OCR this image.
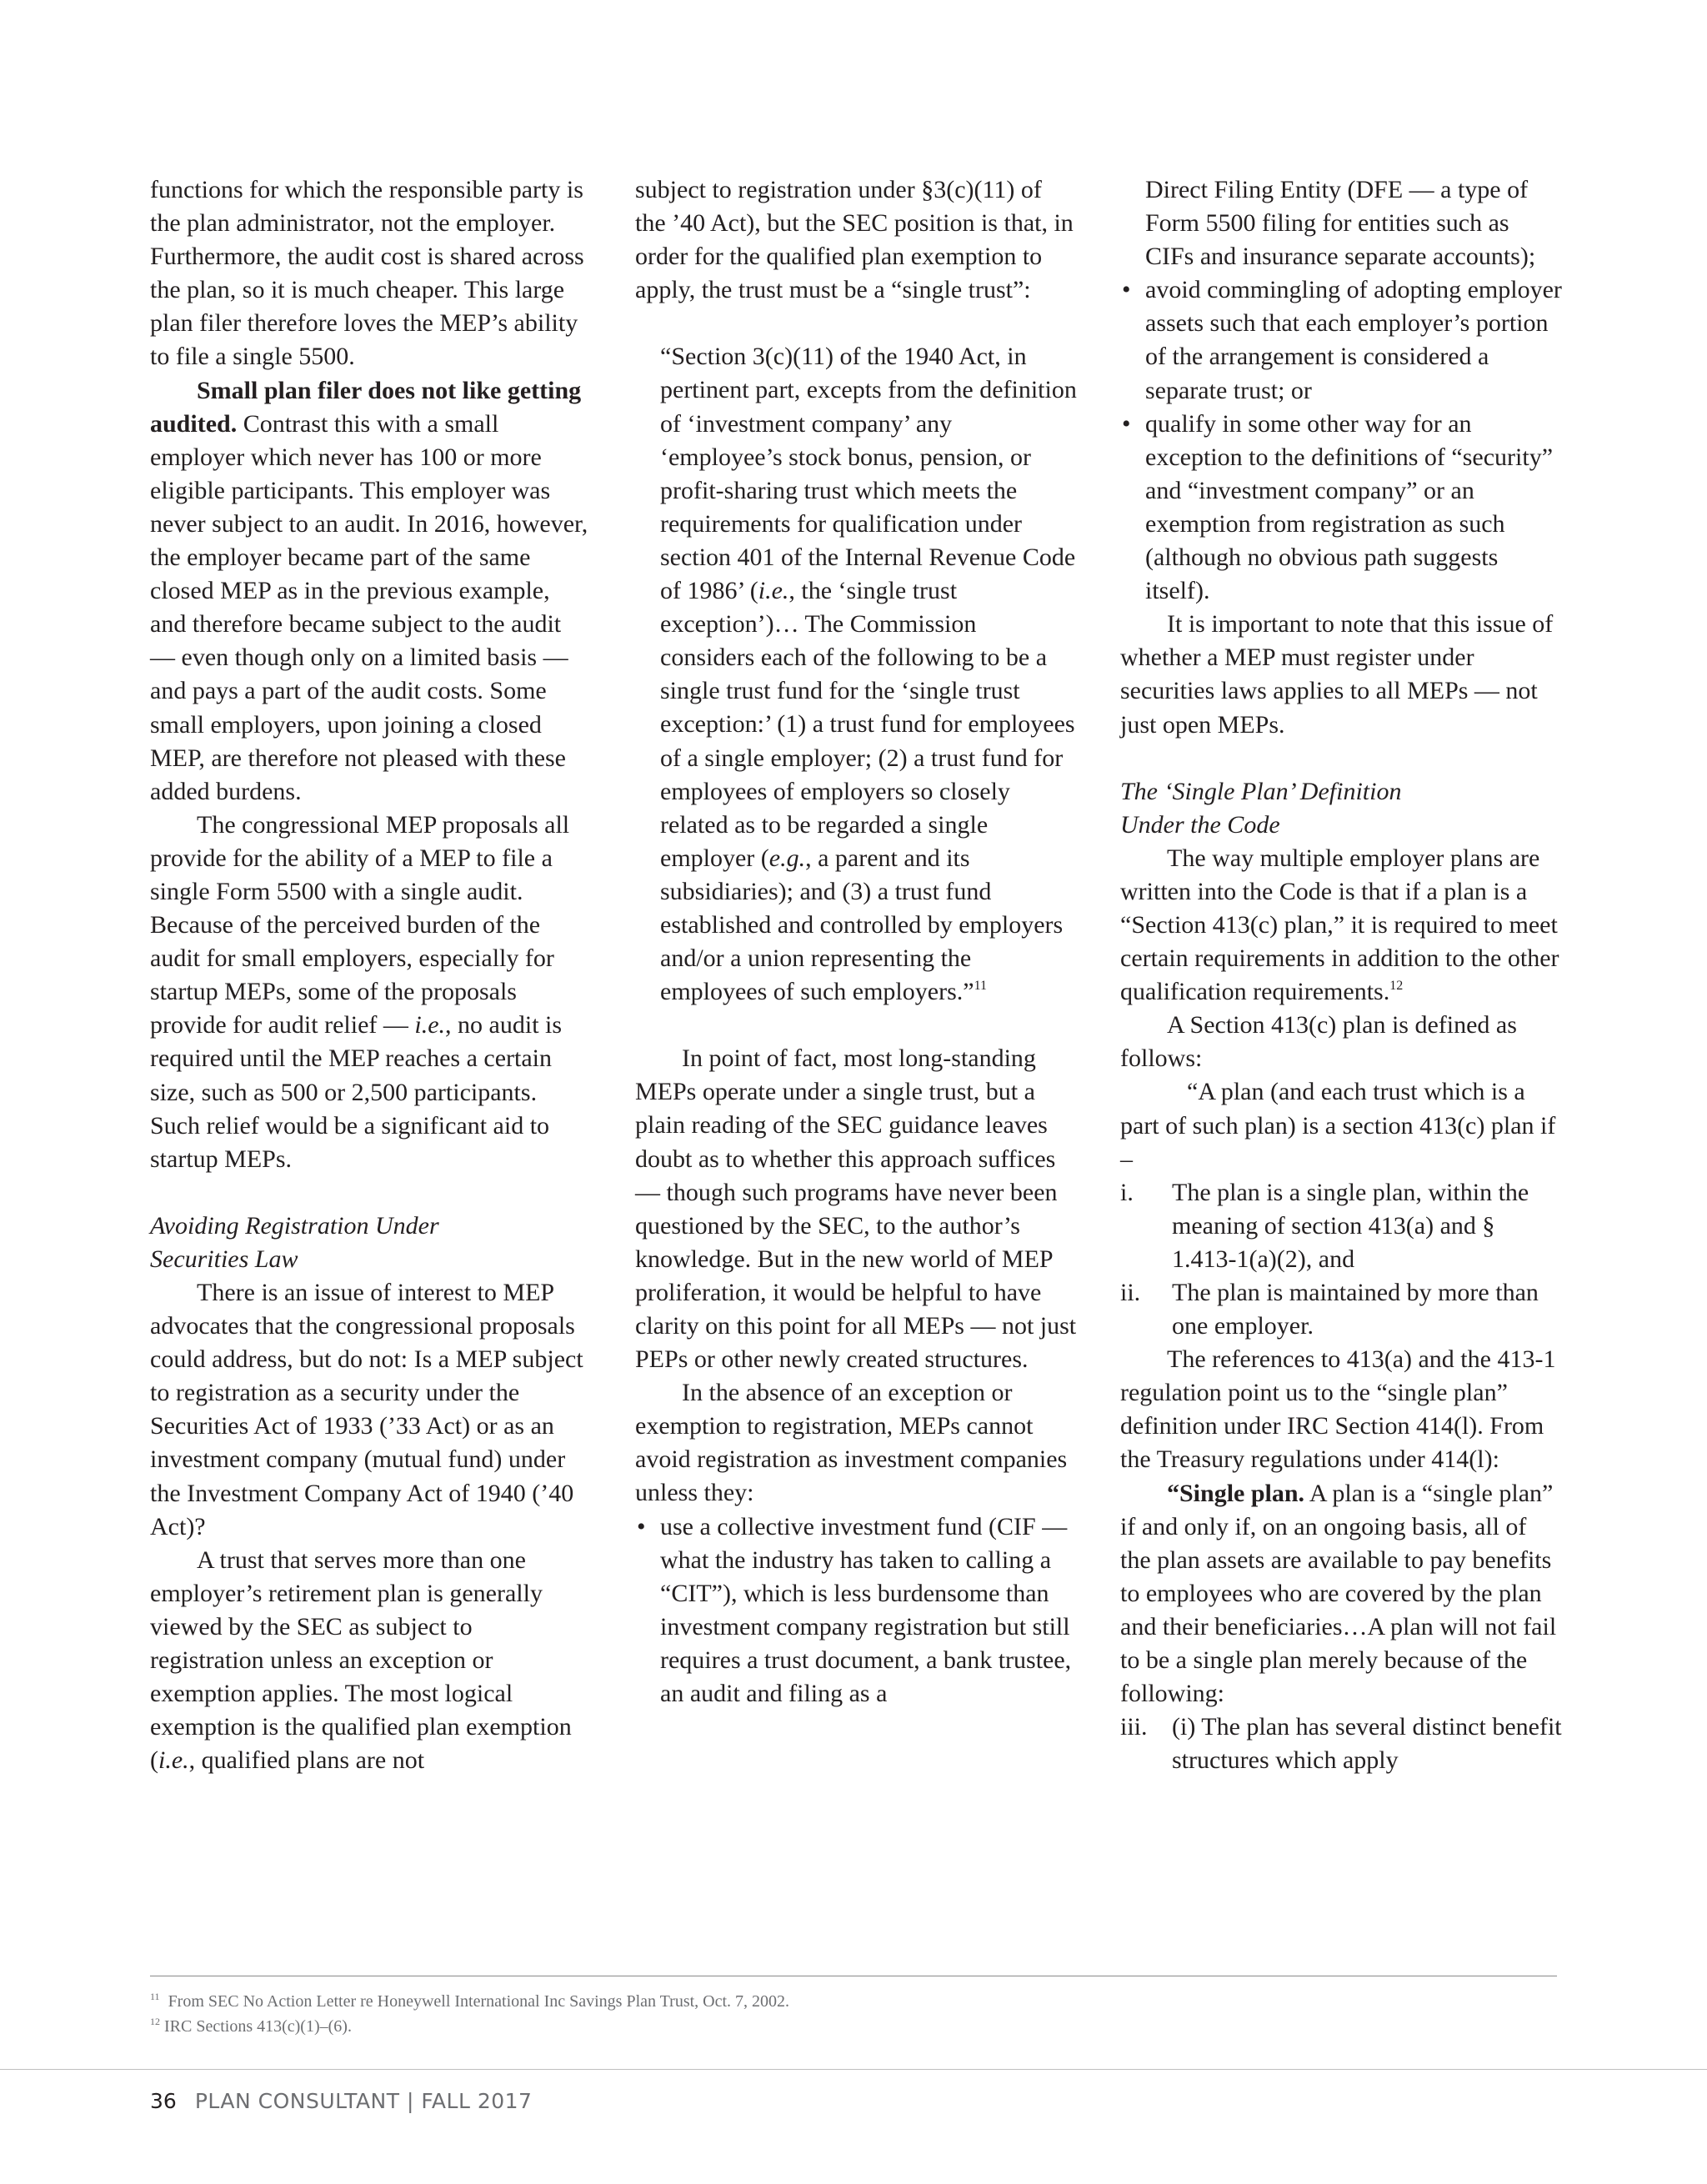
functions for which the responsible party is the plan administrator, not the employer. Furthermore, the audit cost is shared across the plan, so it is much cheaper. This large plan filer therefore loves the MEP’s ability to file a single 5500.

Small plan filer does not like getting audited. Contrast this with a small employer which never has 100 or more eligible participants. This employer was never subject to an audit. In 2016, however, the employer became part of the same closed MEP as in the previous example, and therefore became subject to the audit — even though only on a limited basis — and pays a part of the audit costs. Some small employers, upon joining a closed MEP, are therefore not pleased with these added burdens.

The congressional MEP proposals all provide for the ability of a MEP to file a single Form 5500 with a single audit. Because of the perceived burden of the audit for small employers, especially for startup MEPs, some of the proposals provide for audit relief — i.e., no audit is required until the MEP reaches a certain size, such as 500 or 2,500 participants. Such relief would be a significant aid to startup MEPs.

Avoiding Registration Under

Securities Law

There is an issue of interest to MEP advocates that the congressional proposals could address, but do not: Is a MEP subject to registration as a security under the Securities Act of 1933 (’33 Act) or as an investment company (mutual fund) under the Investment Company Act of 1940 (’40 Act)?

A trust that serves more than one employer’s retirement plan is generally viewed by the SEC as subject to registration unless an exception or exemption applies. The most logical exemption is the qualified plan exemption (i.e., qualified plans are not

subject to registration under §3(c)(11) of the ’40 Act), but the SEC position is that, in order for the qualified plan exemption to apply, the trust must be a “single trust”:

“Section 3(c)(11) of the 1940 Act, in pertinent part, excepts from the definition of ‘investment company’ any ‘employee’s stock bonus, pension, or profit-sharing trust which meets the requirements for qualification under section 401 of the Internal Revenue Code of 1986’ (i.e., the ‘single trust exception’)… The Commission considers each of the following to be a single trust fund for the ‘single trust exception:’ (1) a trust fund for employees of a single employer; (2) a trust fund for employees of employers so closely related as to be regarded a single employer (e.g., a parent and its subsidiaries); and (3) a trust fund established and controlled by employers and/or a union representing the employees of such employers.”$^{11}$

In point of fact, most long-standing MEPs operate under a single trust, but a plain reading of the SEC guidance leaves doubt as to whether this approach suffices — though such programs have never been questioned by the SEC, to the author’s knowledge. But in the new world of MEP proliferation, it would be helpful to have clarity on this point for all MEPs — not just PEPs or other newly created structures.

In the absence of an exception or exemption to registration, MEPs cannot avoid registration as investment companies unless they:

• use a collective investment fund (CIF — what the industry has taken to calling a “CIT”), which is less burdensome than investment company registration but still requires a trust document, a bank trustee, an audit and filing as a
Direct Filing Entity (DFE — a type of Form 5500 filing for entities such as CIFs and insurance separate accounts);
• avoid commingling of adopting employer assets such that each employer’s portion of the arrangement is considered a separate trust; or
• qualify in some other way for an exception to the definitions of “security” and “investment company” or an exemption from registration as such (although no obvious path suggests itself).

It is important to note that this issue of whether a MEP must register under securities laws applies to all MEPs — not just open MEPs.

The ‘Single Plan’ Definition

Under the Code

The way multiple employer plans are written into the Code is that if a plan is a “Section 413(c) plan,” it is required to meet certain requirements in addition to the other qualification requirements.$^{12}$

A Section 413(c) plan is defined as follows:

“A plan (and each trust which is a part of such plan) is a section 413(c) plan if –

i.	The plan is a single plan, within the meaning of section 413(a) and § 1.413-1(a)(2), and
ii.	The plan is maintained by more than one employer.

The references to 413(a) and the 413-1 regulation point us to the “single plan” definition under IRC Section 414(l). From the Treasury regulations under 414(l):

“Single plan. A plan is a “single plan” if and only if, on an ongoing basis, all of the plan assets are available to pay benefits to employees who are covered by the plan and their beneficiaries…A plan will not fail to be a single plan merely because of the following:

iii. (i) The plan has several distinct benefit structures which apply

$^{11}$ From SEC No Action Letter re Honeywell International Inc Savings Plan Trust, Oct. 7, 2002.

$^{12}$ IRC Sections 413(c)(1)–(6).

36 PLAN CONSULTANT | FALL 2017
